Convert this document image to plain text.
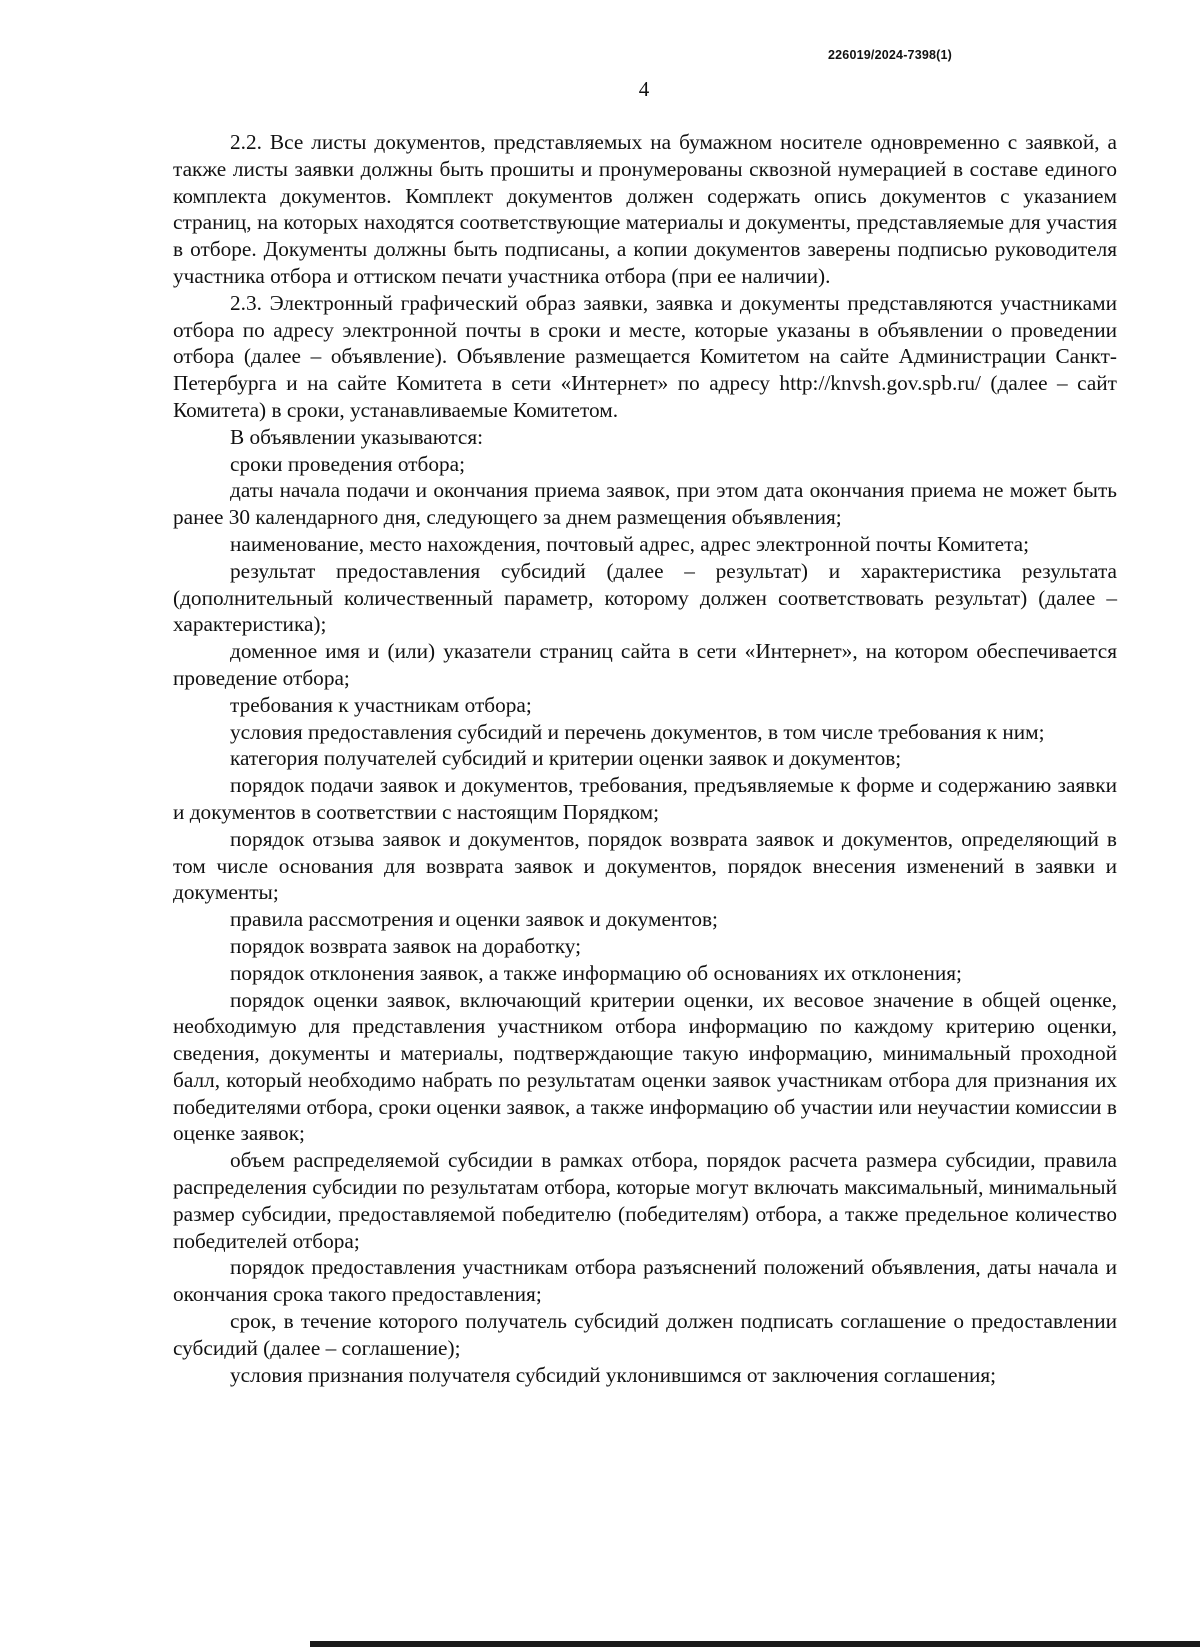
226019/2024-7398(1)
4

2.2. Все листы документов, представляемых на бумажном носителе одновременно с заявкой, а также листы заявки должны быть прошиты и пронумерованы сквозной нумерацией в составе единого комплекта документов. Комплект документов должен содержать опись документов с указанием страниц, на которых находятся соответствующие материалы и документы, представляемые для участия в отборе. Документы должны быть подписаны, а копии документов заверены подписью руководителя участника отбора и оттиском печати участника отбора (при ее наличии).

2.3. Электронный графический образ заявки, заявка и документы представляются участниками отбора по адресу электронной почты в сроки и месте, которые указаны в объявлении о проведении отбора (далее – объявление). Объявление размещается Комитетом на сайте Администрации Санкт-Петербурга и на сайте Комитета в сети «Интернет» по адресу http://knvsh.gov.spb.ru/ (далее – сайт Комитета) в сроки, устанавливаемые Комитетом.

В объявлении указываются:

сроки проведения отбора;

даты начала подачи и окончания приема заявок, при этом дата окончания приема не может быть ранее 30 календарного дня, следующего за днем размещения объявления;

наименование, место нахождения, почтовый адрес, адрес электронной почты Комитета;

результат предоставления субсидий (далее – результат) и характеристика результата (дополнительный количественный параметр, которому должен соответствовать результат) (далее – характеристика);

доменное имя и (или) указатели страниц сайта в сети «Интернет», на котором обеспечивается проведение отбора;

требования к участникам отбора;

условия предоставления субсидий и перечень документов, в том числе требования к ним;

категория получателей субсидий и критерии оценки заявок и документов;

порядок подачи заявок и документов, требования, предъявляемые к форме и содержанию заявки и документов в соответствии с настоящим Порядком;

порядок отзыва заявок и документов, порядок возврата заявок и документов, определяющий в том числе основания для возврата заявок и документов, порядок внесения изменений в заявки и документы;

правила рассмотрения и оценки заявок и документов;

порядок возврата заявок на доработку;

порядок отклонения заявок, а также информацию об основаниях их отклонения;

порядок оценки заявок, включающий критерии оценки, их весовое значение в общей оценке, необходимую для представления участником отбора информацию по каждому критерию оценки, сведения, документы и материалы, подтверждающие такую информацию, минимальный проходной балл, который необходимо набрать по результатам оценки заявок участникам отбора для признания их победителями отбора, сроки оценки заявок, а также информацию об участии или неучастии комиссии в оценке заявок;

объем распределяемой субсидии в рамках отбора, порядок расчета размера субсидии, правила распределения субсидии по результатам отбора, которые могут включать максимальный, минимальный размер субсидии, предоставляемой победителю (победителям) отбора, а также предельное количество победителей отбора;

порядок предоставления участникам отбора разъяснений положений объявления, даты начала и окончания срока такого предоставления;

срок, в течение которого получатель субсидий должен подписать соглашение о предоставлении субсидий (далее – соглашение);

условия признания получателя субсидий уклонившимся от заключения соглашения;
